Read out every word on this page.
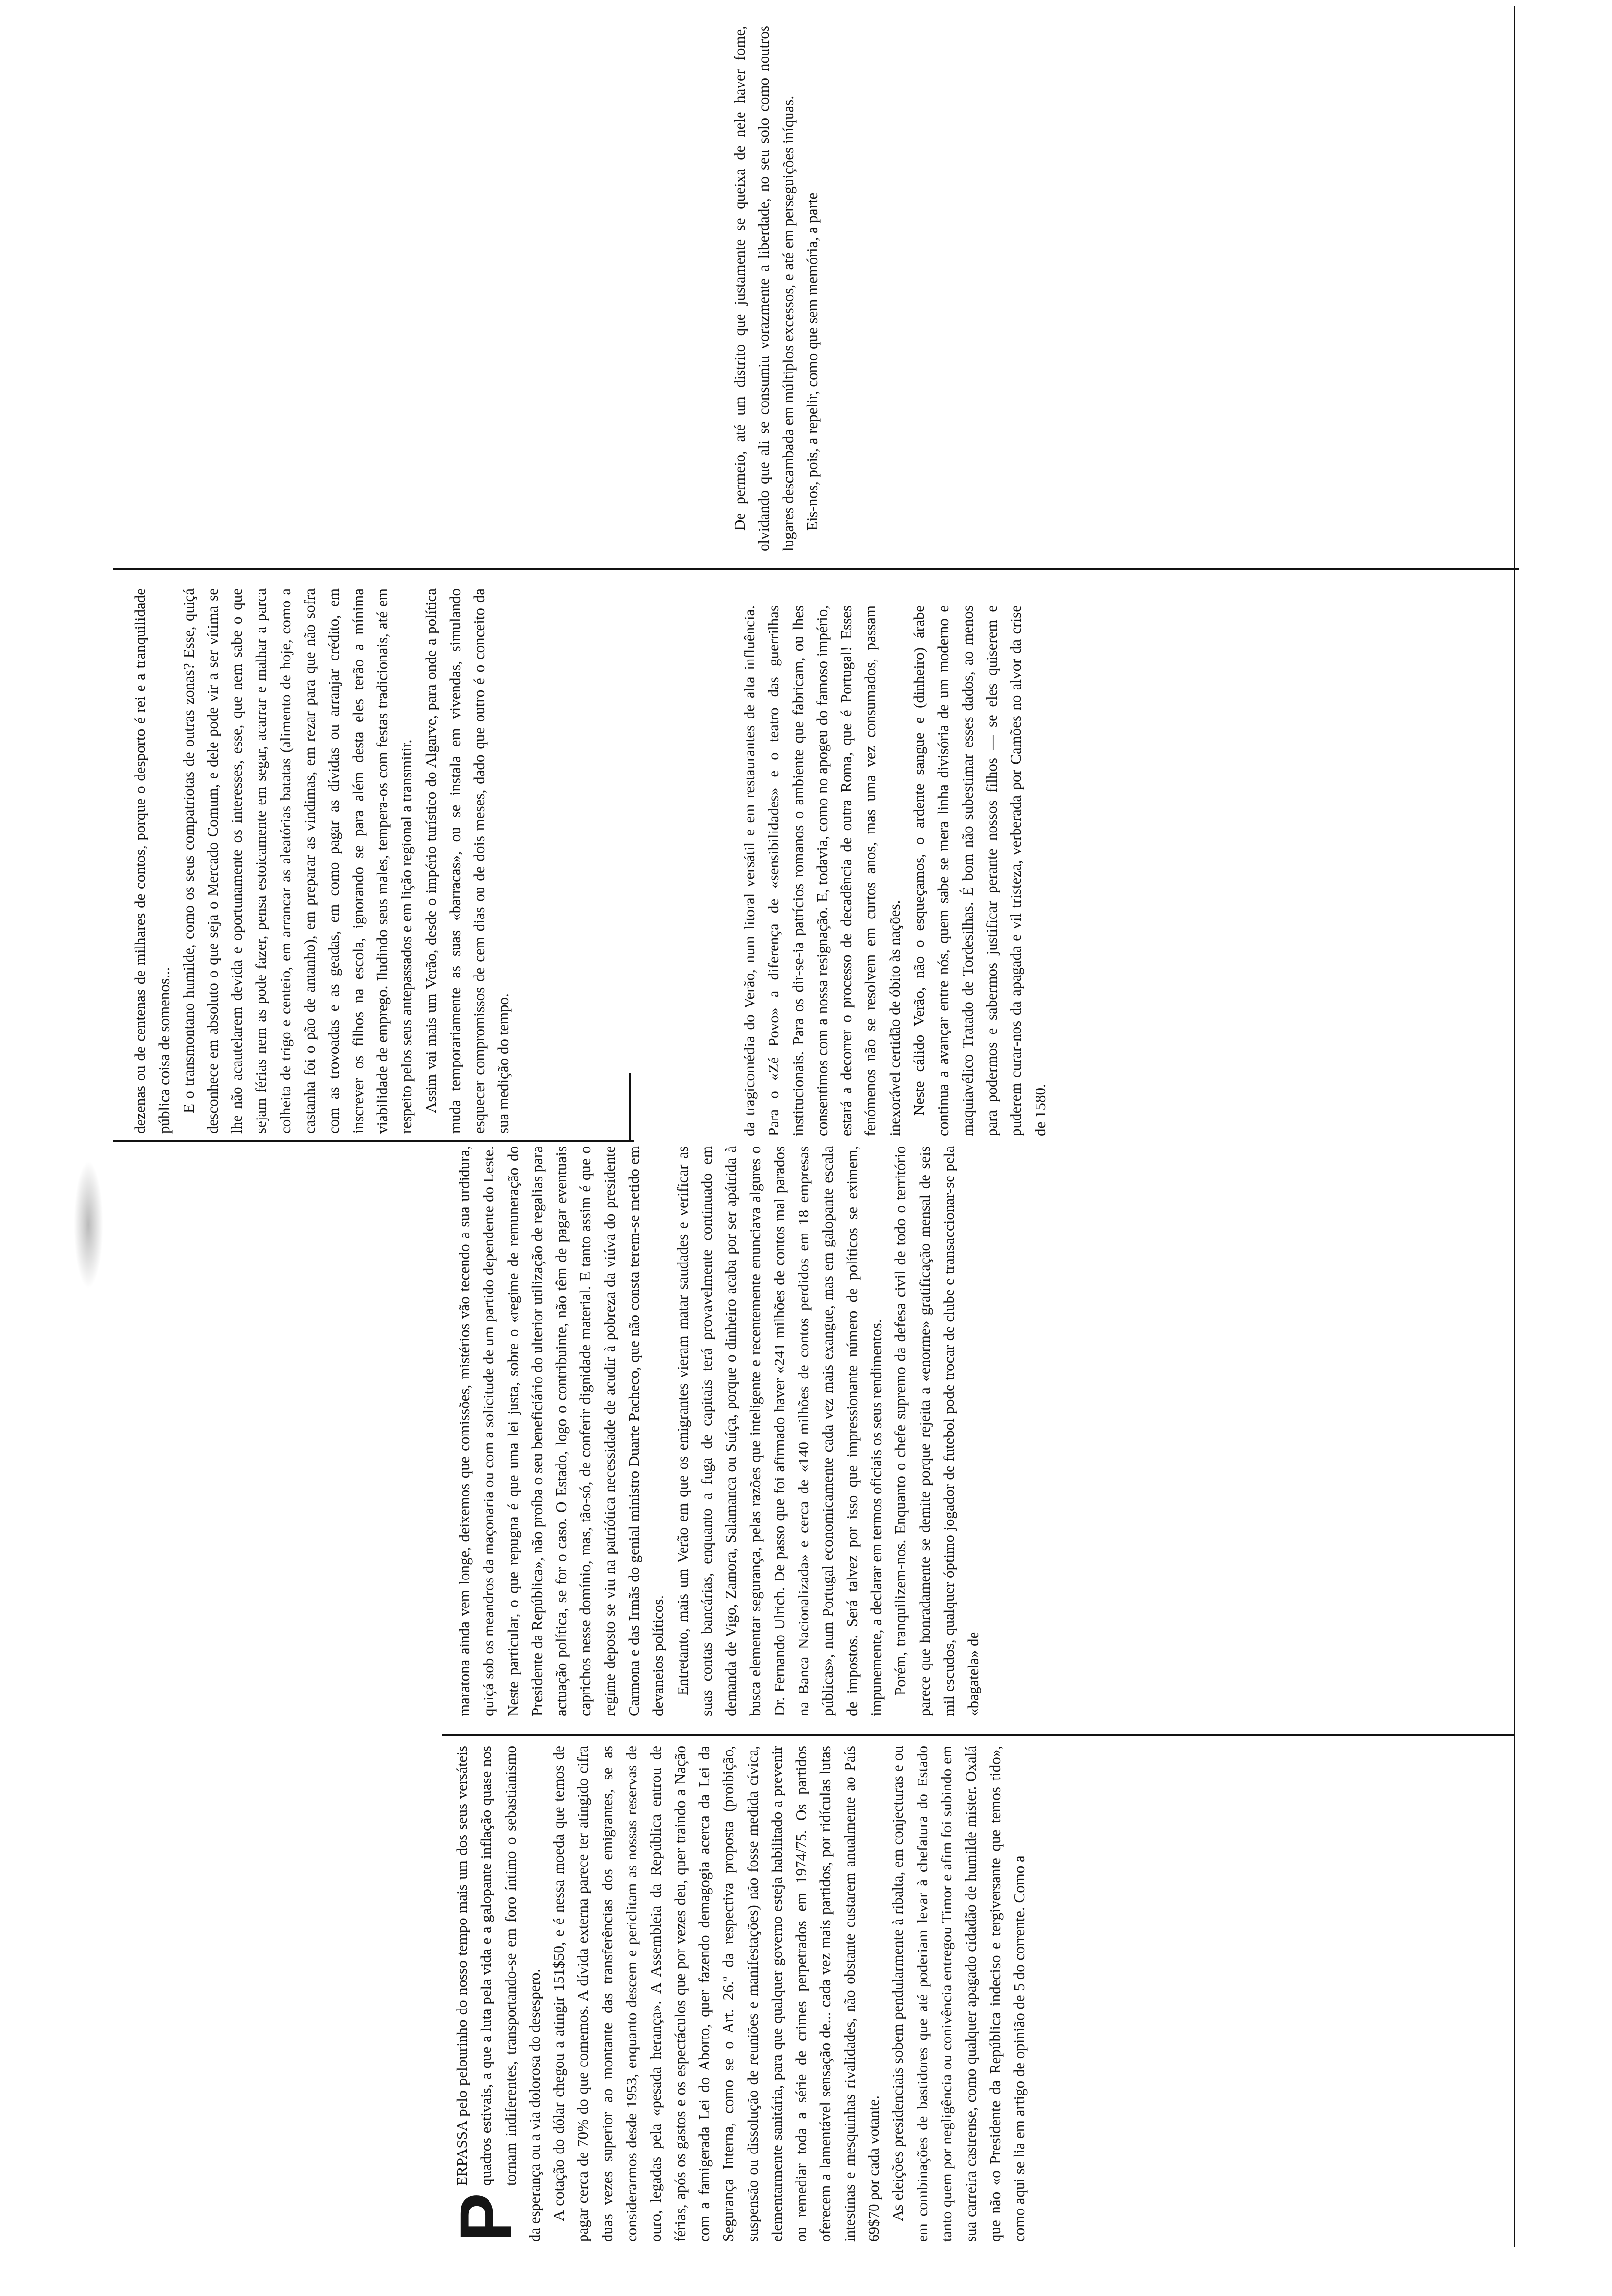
P

ERPASSA pelo pelourinho do nosso tempo mais um dos seus versáteis quadros estivais, a que a luta pela vida e a galopante inflação quase nos tornam indiferentes, transportando-se em foro íntimo o sebastianismo da esperança ou a via dolorosa do desespero. A cotação do dólar chegou a atingir 151$50, e é nessa moeda que temos de pagar cerca de 70% do que comemos. A dívida externa parece ter atingido cifra duas vezes superior ao montante das transferências dos emigrantes, se as considerarmos desde 1953, enquanto descem e periclitam as nossas reservas de ouro, legadas pela «pesada herança». A Assembleia da República entrou de férias, após os gastos e os espectáculos que por vezes deu, quer traindo a Nação com a famigerada Lei do Aborto, quer fazendo demagogia acerca da Lei da Segurança Interna, como se o Art. 26.º da respectiva proposta (proibição, suspensão ou dissolução de reuniões e manifestações) não fosse medida cívica, elementarmente sanitária, para que qualquer governo esteja habilitado a prevenir ou remediar toda a série de crimes perpetrados em 1974/75. Os partidos oferecem a lamentável sensação de... cada vez mais partidos, por ridículas lutas intestinas e mesquinhas rivalidades, não obstante custarem anualmente ao País 69$70 por cada votante. As eleições presidenciais sobem pendularmente à ribalta, em conjecturas e ou em combinações de bastidores que até poderiam levar à chefatura do Estado tanto quem por negligência ou conivência entregou Timor e afim foi subindo em sua carreira castrense, como qualquer apagado cidadão de humilde mister. Oxalá que não «o Presidente da República indeciso e tergiversante que temos tido», como aqui se lia em artigo de opinião de 5 do corrente. Como a

maratona ainda vem longe, deixemos que comissões, mistérios vão tecendo a sua urdidura, quiçá sob os meandros da maçonaria ou com a solicitude de um partido dependente do Leste. Neste particular, o que repugna é que uma lei justa, sobre o «regime de remuneração do Presidente da República», não proíba o seu beneficiário do ulterior utilização de regalias para actuação política, se for o caso. O Estado, logo o contribuinte, não têm de pagar eventuais caprichos nesse domínio, mas, tão-só, de conferir dignidade material. E tanto assim é que o regime deposto se viu na patriótica necessidade de acudir à pobreza da viúva do presidente Carmona e das Irmãs do genial ministro Duarte Pacheco, que não consta terem-se metido em devaneios políticos. Entretanto, mais um Verão em que os emigrantes vieram matar saudades e verificar as suas contas bancárias, enquanto a fuga de capitais terá provavelmente continuado em demanda de Vigo, Zamora, Salamanca ou Suíça, porque o dinheiro acaba por ser apátrida à busca elementar segurança, pelas razões que inteligente e recentemente enunciava algures o Dr. Fernando Ulrich. De passo que foi afirmado haver «241 milhões de contos mal parados na Banca Nacionalizada» e cerca de «140 milhões de contos perdidos em 18 empresas públicas», num Portugal economicamente cada vez mais exangue, mas em galopante escala de impostos. Será talvez por isso que impressionante número de políticos se eximem, impunemente, a declarar em termos oficiais os seus rendimentos. Porém, tranquilizem-nos. Enquanto o chefe supremo da defesa civil de todo o território parece que honradamente se demite porque rejeita a «enorme» gratificação mensal de seis mil escudos, qualquer óptimo jogador de futebol pode trocar de clube e transaccionar-se pela «bagatela» de

da tragicomédia do Verão, num litoral versátil e em restaurantes de alta influência. Para o «Zé Povo» a diferença de «sensibilidades» e o teatro das guerrilhas institucionais. Para os dir-se-ia patrícios romanos o ambiente que fabricam, ou lhes consentimos com a nossa resignação. E, todavia, como no apogeu do famoso império, estará a decorrer o processo de decadência de outra Roma, que é Portugal! Esses fenómenos não se resolvem em curtos anos, mas uma vez consumados, passam inexorável certidão de óbito às nações. Neste cálido Verão, não o esqueçamos, o ardente sangue e (dinheiro) árabe continua a avançar entre nós, quem sabe se mera linha divisória de um moderno e maquiavélico Tratado de Tordesilhas. É bom não subestimar esses dados, ao menos para podermos e sabermos justificar perante nossos filhos — se eles quiserem e puderem curar-nos da apagada e vil tristeza, verberada por Camões no alvor da crise de 1580.

dezenas ou de centenas de milhares de contos, porque o desporto é rei e a tranquilidade pública coisa de somenos... E o transmontano humilde, como os seus compatriotas de outras zonas? Esse, quiçá desconhece em absoluto o que seja o Mercado Comum, e dele pode vir a ser vítima se lhe não acautelarem devida e oportunamente os interesses, esse, que nem sabe o que sejam férias nem as pode fazer, pensa estoicamente em segar, acarrar e malhar a parca colheita de trigo e centeio, em arrancar as aleatórias batatas (alimento de hoje, como a castanha foi o pão de antanho), em preparar as vindimas, em rezar para que não sofra com as trovoadas e as geadas, em como pagar as dívidas ou arranjar crédito, em inscrever os filhos na escola, ignorando se para além desta eles terão a mínima viabilidade de emprego. Iludindo seus males, tempera-os com festas tradicionais, até em respeito pelos seus antepassados e em lição regional a transmitir. Assim vai mais um Verão, desde o império turístico do Algarve, para onde a política muda temporariamente as suas «barracas», ou se instala em vivendas, simulando esquecer compromissos de cem dias ou de dois meses, dado que outro é o conceito da sua medição do tempo.

De permeio, até um distrito que justamente se queixa de nele haver fome, olvidando que ali se consumiu vorazmente a liberdade, no seu solo como noutros lugares descambada em múltiplos excessos, e até em perseguições iníquas. Eis-nos, pois, a repelir, como que sem memória, a parte
